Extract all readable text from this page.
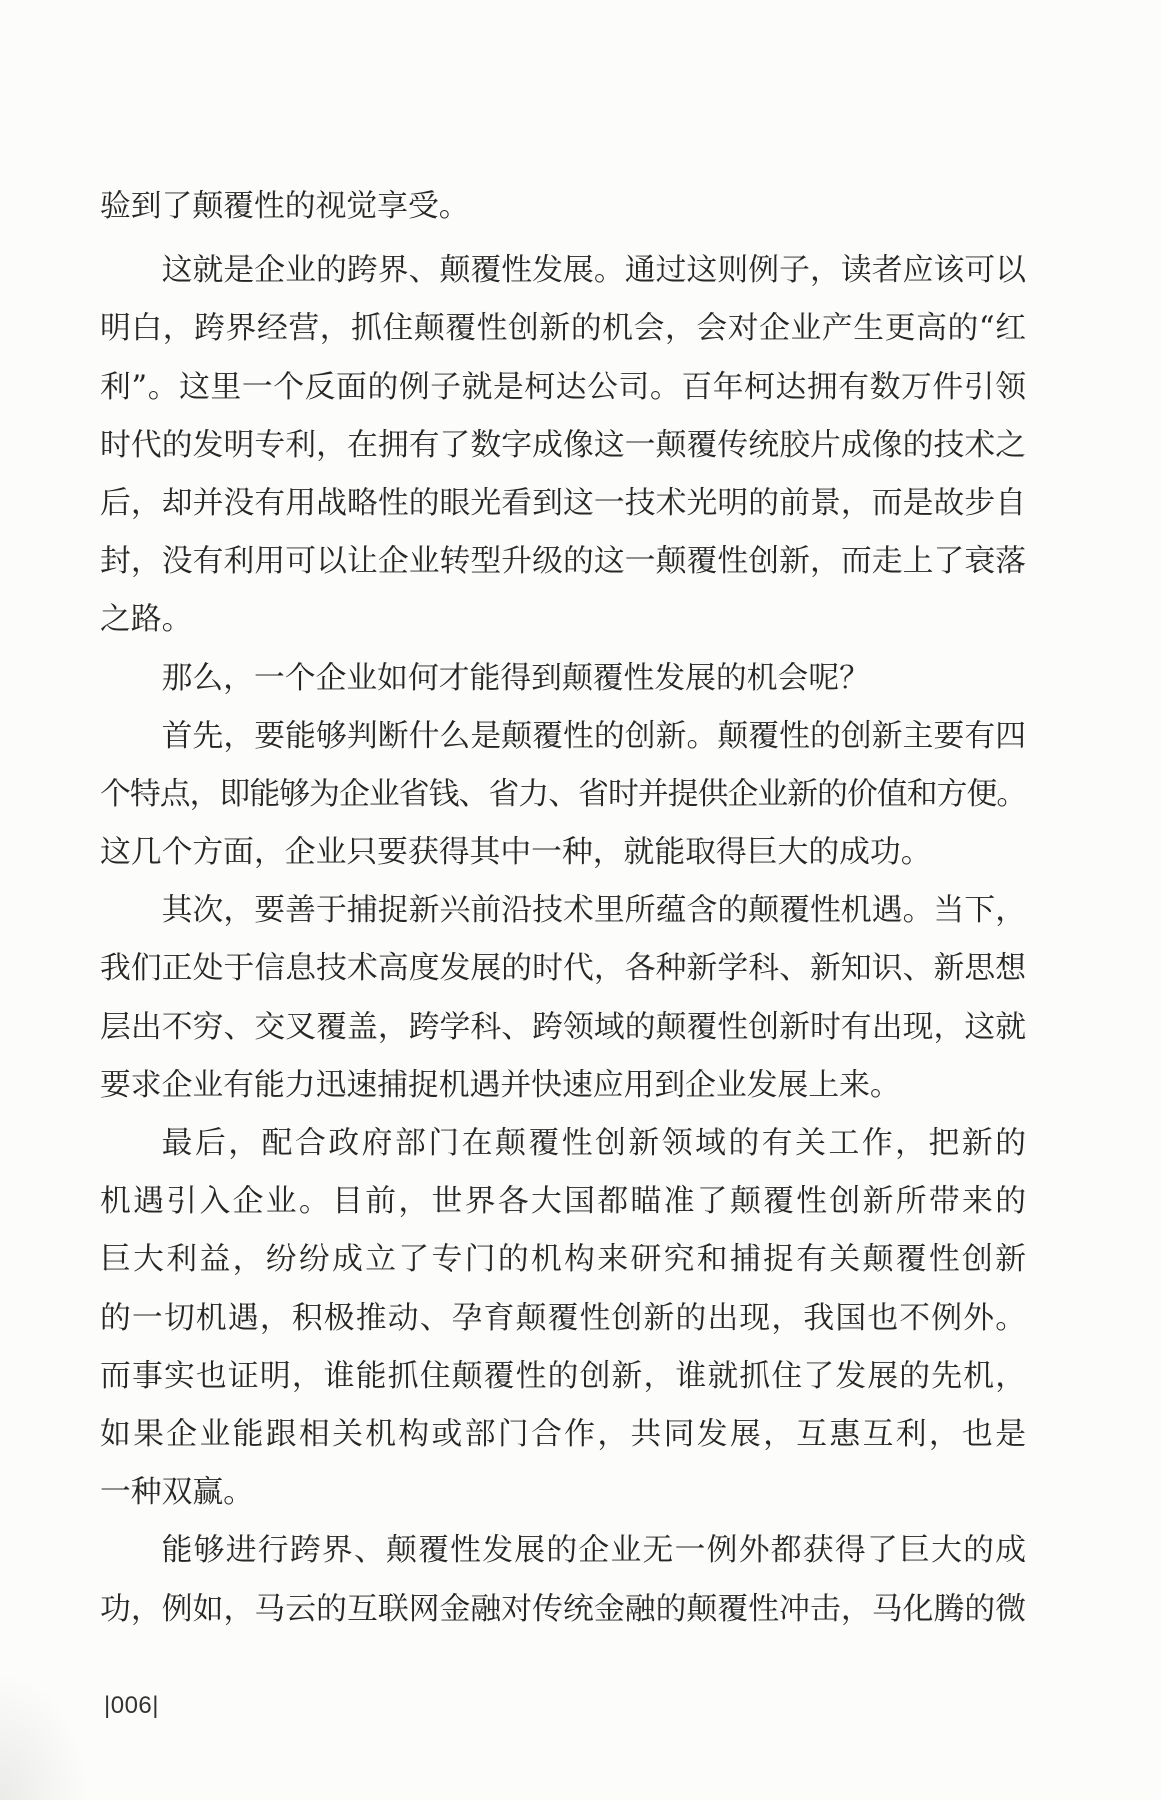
验到了颠覆性的视觉享受。
这就是企业的跨界、颠覆性发展。通过这则例子，读者应该可以
明白，跨界经营，抓住颠覆性创新的机会，会对企业产生更高的“红
利”。这里一个反面的例子就是柯达公司。百年柯达拥有数万件引领
时代的发明专利，在拥有了数字成像这一颠覆传统胶片成像的技术之
后，却并没有用战略性的眼光看到这一技术光明的前景，而是故步自
封，没有利用可以让企业转型升级的这一颠覆性创新，而走上了衰落
之路。
那么，一个企业如何才能得到颠覆性发展的机会呢？
首先，要能够判断什么是颠覆性的创新。颠覆性的创新主要有四
个特点，即能够为企业省钱、省力、省时并提供企业新的价值和方便。
这几个方面，企业只要获得其中一种，就能取得巨大的成功。
其次，要善于捕捉新兴前沿技术里所蕴含的颠覆性机遇。当下，
我们正处于信息技术高度发展的时代，各种新学科、新知识、新思想
层出不穷、交叉覆盖，跨学科、跨领域的颠覆性创新时有出现，这就
要求企业有能力迅速捕捉机遇并快速应用到企业发展上来。
最后，配合政府部门在颠覆性创新领域的有关工作，把新的
机遇引入企业。目前，世界各大国都瞄准了颠覆性创新所带来的
巨大利益，纷纷成立了专门的机构来研究和捕捉有关颠覆性创新
的一切机遇，积极推动、孕育颠覆性创新的出现，我国也不例外。
而事实也证明，谁能抓住颠覆性的创新，谁就抓住了发展的先机，
如果企业能跟相关机构或部门合作，共同发展，互惠互利，也是
一种双赢。
能够进行跨界、颠覆性发展的企业无一例外都获得了巨大的成
功，例如，马云的互联网金融对传统金融的颠覆性冲击，马化腾的微
|006|
